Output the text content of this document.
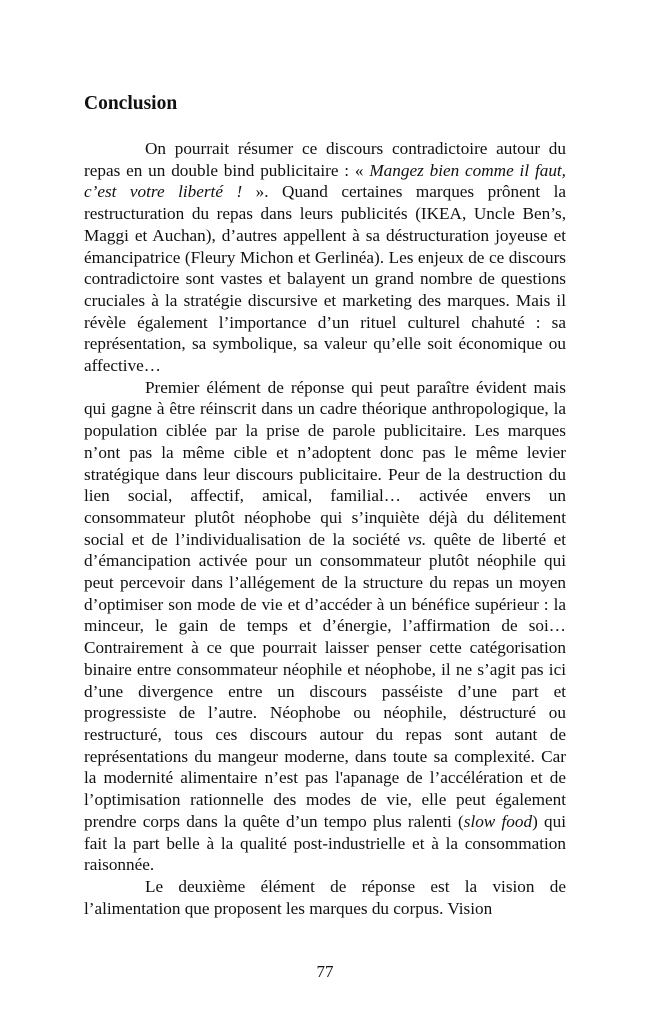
Conclusion

On pourrait résumer ce discours contradictoire autour du repas en un double bind publicitaire : « Mangez bien comme il faut, c’est votre liberté ! ». Quand certaines marques prônent la restructuration du repas dans leurs publicités (IKEA, Uncle Ben’s, Maggi et Auchan), d’autres appellent à sa déstructuration joyeuse et émancipatrice (Fleury Michon et Gerlinéa). Les enjeux de ce discours contradictoire sont vastes et balayent un grand nombre de questions cruciales à la stratégie discursive et marketing des marques. Mais il révèle également l’importance d’un rituel culturel chahuté : sa représentation, sa symbolique, sa valeur qu’elle soit économique ou affective…

Premier élément de réponse qui peut paraître évident mais qui gagne à être réinscrit dans un cadre théorique anthropologique, la population ciblée par la prise de parole publicitaire. Les marques n’ont pas la même cible et n’adoptent donc pas le même levier stratégique dans leur discours publicitaire. Peur de la destruction du lien social, affectif, amical, familial… activée envers un consommateur plutôt néophobe qui s’inquiète déjà du délitement social et de l’individualisation de la société vs. quête de liberté et d’émancipation activée pour un consommateur plutôt néophile qui peut percevoir dans l’allégement de la structure du repas un moyen d’optimiser son mode de vie et d’accéder à un bénéfice supérieur : la minceur, le gain de temps et d’énergie, l’affirmation de soi… Contrairement à ce que pourrait laisser penser cette catégorisation binaire entre consommateur néophile et néophobe, il ne s’agit pas ici d’une divergence entre un discours passéiste d’une part et progressiste de l’autre. Néophobe ou néophile, déstructuré ou restructuré, tous ces discours autour du repas sont autant de représentations du mangeur moderne, dans toute sa complexité. Car la modernité alimentaire n’est pas l'apanage de l’accélération et de l’optimisation rationnelle des modes de vie, elle peut également prendre corps dans la quête d’un tempo plus ralenti (slow food) qui fait la part belle à la qualité post-industrielle et à la consommation raisonnée.

Le deuxième élément de réponse est la vision de l’alimentation que proposent les marques du corpus. Vision

77
